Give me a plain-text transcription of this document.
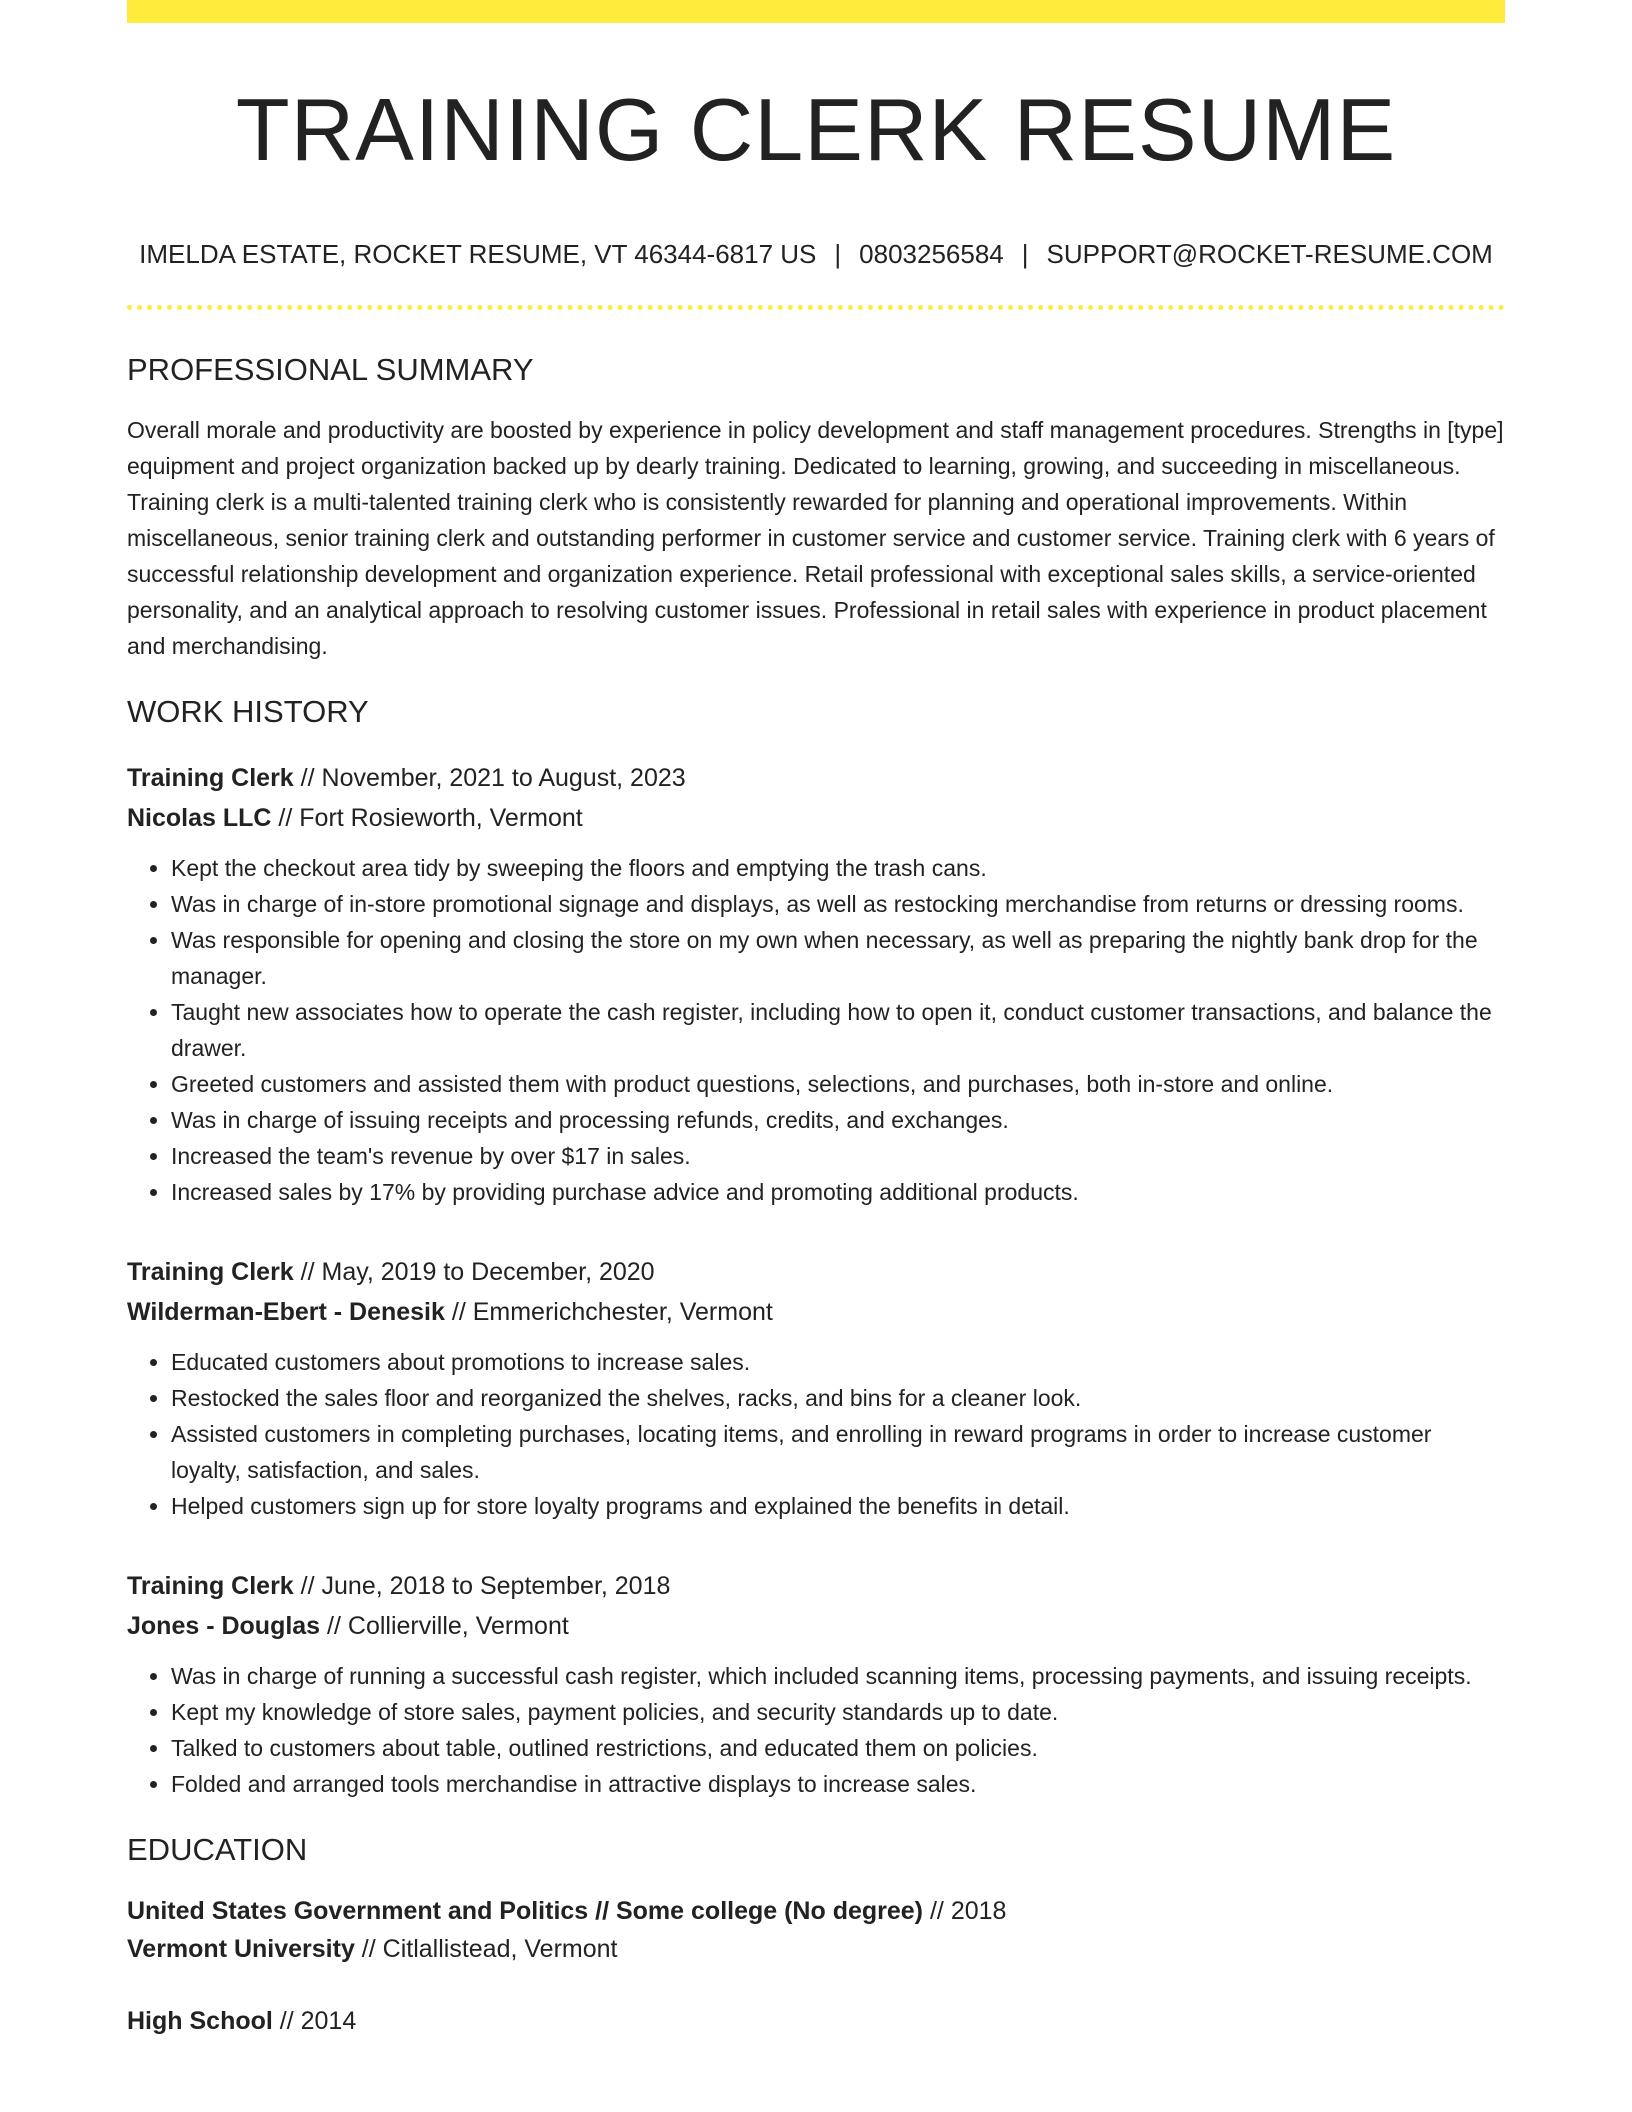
TRAINING CLERK RESUME
IMELDA ESTATE, ROCKET RESUME, VT 46344-6817 US | 0803256584 | SUPPORT@ROCKET-RESUME.COM
PROFESSIONAL SUMMARY

Overall morale and productivity are boosted by experience in policy development and staff management procedures. Strengths in [type] equipment and project organization backed up by dearly training. Dedicated to learning, growing, and succeeding in miscellaneous. Training clerk is a multi-talented training clerk who is consistently rewarded for planning and operational improvements. Within miscellaneous, senior training clerk and outstanding performer in customer service and customer service. Training clerk with 6 years of successful relationship development and organization experience. Retail professional with exceptional sales skills, a service-oriented personality, and an analytical approach to resolving customer issues. Professional in retail sales with experience in product placement and merchandising.

WORK HISTORY
Training Clerk // November, 2021 to August, 2023
Nicolas LLC // Fort Rosieworth, Vermont
• Kept the checkout area tidy by sweeping the floors and emptying the trash cans.
• Was in charge of in-store promotional signage and displays, as well as restocking merchandise from returns or dressing rooms.
• Was responsible for opening and closing the store on my own when necessary, as well as preparing the nightly bank drop for the manager.
• Taught new associates how to operate the cash register, including how to open it, conduct customer transactions, and balance the drawer.
• Greeted customers and assisted them with product questions, selections, and purchases, both in-store and online.
• Was in charge of issuing receipts and processing refunds, credits, and exchanges.
• Increased the team's revenue by over $17 in sales.
• Increased sales by 17% by providing purchase advice and promoting additional products.
Training Clerk // May, 2019 to December, 2020
Wilderman-Ebert - Denesik // Emmerichchester, Vermont
• Educated customers about promotions to increase sales.
• Restocked the sales floor and reorganized the shelves, racks, and bins for a cleaner look.
• Assisted customers in completing purchases, locating items, and enrolling in reward programs in order to increase customer loyalty, satisfaction, and sales.
• Helped customers sign up for store loyalty programs and explained the benefits in detail.
Training Clerk // June, 2018 to September, 2018
Jones - Douglas // Collierville, Vermont
• Was in charge of running a successful cash register, which included scanning items, processing payments, and issuing receipts.
• Kept my knowledge of store sales, payment policies, and security standards up to date.
• Talked to customers about table, outlined restrictions, and educated them on policies.
• Folded and arranged tools merchandise in attractive displays to increase sales.
EDUCATION
United States Government and Politics // Some college (No degree) // 2018
Vermont University // Citlallistead, Vermont
High School // 2014
